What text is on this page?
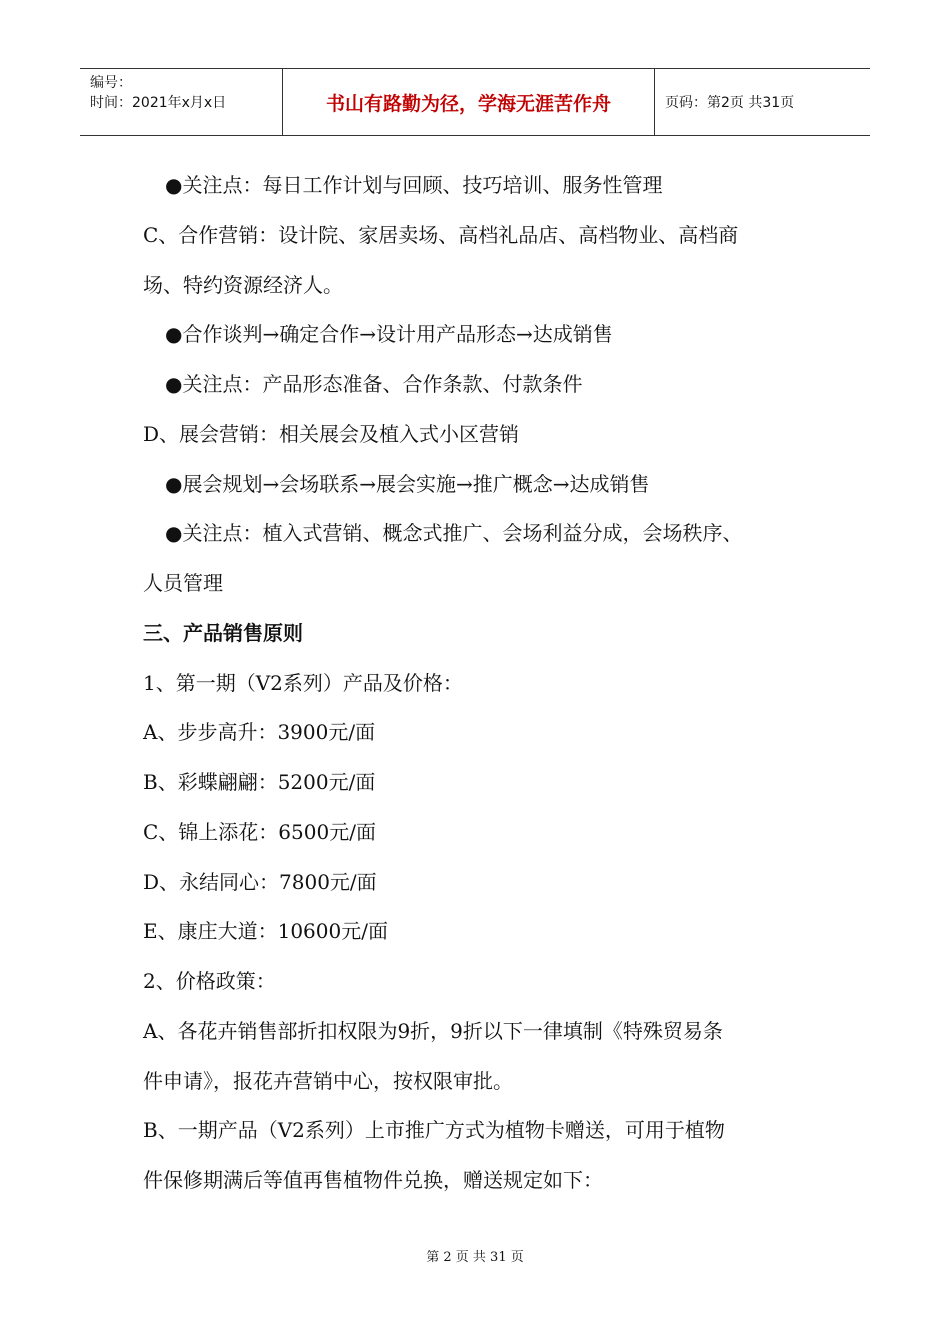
编号：
时间：2021年x月x日	书山有路勤为径，学海无涯苦作舟	页码：第2页 共31页
●关注点：每日工作计划与回顾、技巧培训、服务性管理
C、合作营销：设计院、家居卖场、高档礼品店、高档物业、高档商
场、特约资源经济人。
●合作谈判→确定合作→设计用产品形态→达成销售
●关注点：产品形态准备、合作条款、付款条件
D、展会营销：相关展会及植入式小区营销
●展会规划→会场联系→展会实施→推广概念→达成销售
●关注点：植入式营销、概念式推广、会场利益分成，会场秩序、
人员管理
三、产品销售原则
1、第一期（V2系列）产品及价格：
A、步步高升：3900元/面
B、彩蝶翩翩：5200元/面
C、锦上添花：6500元/面
D、永结同心：7800元/面
E、康庄大道：10600元/面
2、价格政策：
A、各花卉销售部折扣权限为9折，9折以下一律填制《特殊贸易条
件申请》，报花卉营销中心，按权限审批。
B、一期产品（V2系列）上市推广方式为植物卡赠送，可用于植物
件保修期满后等值再售植物件兑换，赠送规定如下：
第 2 页 共 31 页
